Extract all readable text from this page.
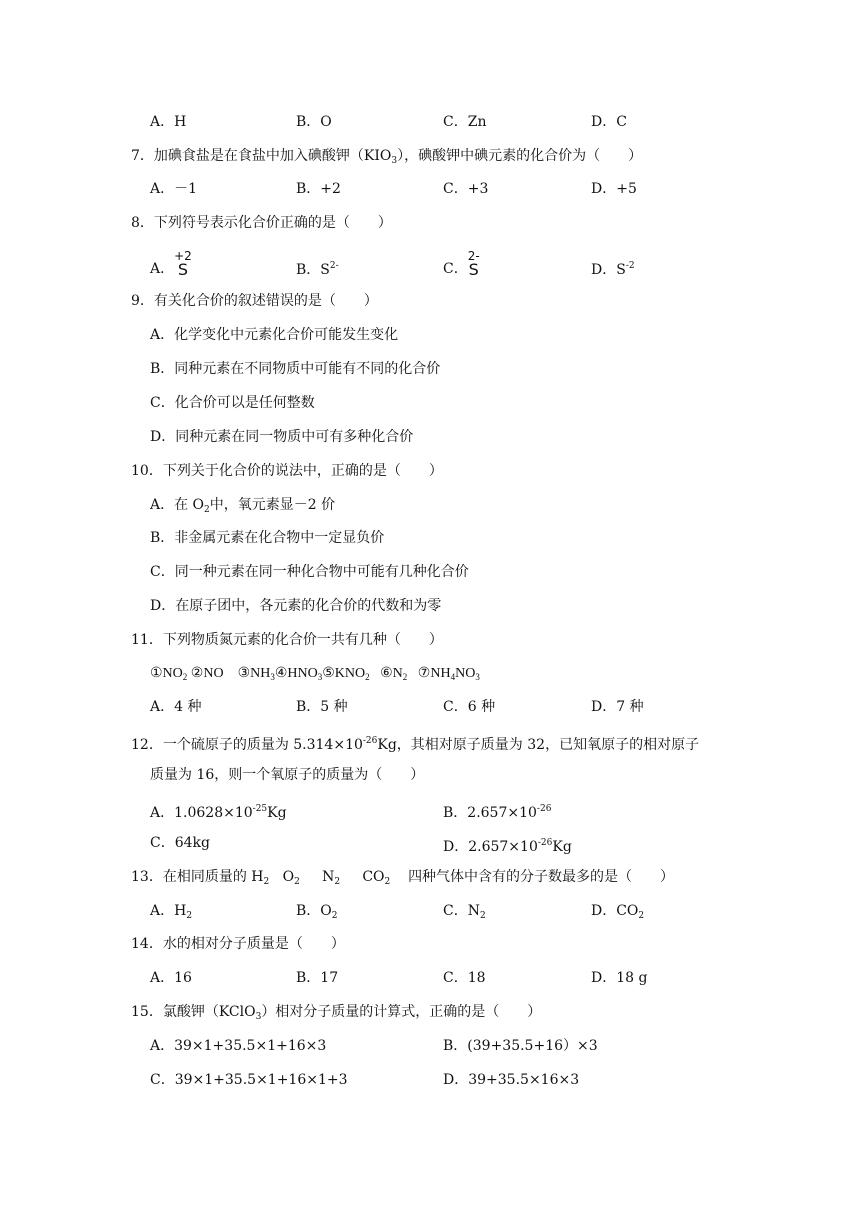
A．H	B．O	C．Zn	D．C
7．加碘食盐是在食盐中加入碘酸钾$(KIO_3)$，碘酸钾中碘元素的化合价为（　　）
A．－1	B．+2	C．+3	D．+5
8．下列符号表示化合价正确的是（　　）
A．
+2
S	B．$S^{2-}$	C．
2-
S	D．$S^{-2}$
9．有关化合价的叙述错误的是（　　）
A．化学变化中元素化合价可能发生变化
B．同种元素在不同物质中可能有不同的化合价
C．化合价可以是任何整数
D．同种元素在同一物质中可有多种化合价
10．下列关于化合价的说法中，正确的是（　　）
A．在 $O_2$中，氧元素显－2 价
B．非金属元素在化合物中一定显负价
C．同一种元素在同一种化合物中可能有几种化合价
D．在原子团中，各元素的化合价的代数和为零
11．下列物质氮元素的化合价一共有几种（　　）
$①NO_2$ ②NO $③NH_3④HNO_3⑤KNO_2$ $⑥N_2$ $⑦NH_4NO_3$
A．4 种	B．5 种	C．6 种	D．7 种
12．一个硫原子的质量为 $5.314\times 10^{-26}Kg$，其相对原子质量为 32，已知氧原子的相对原子
质量为 16，则一个氧原子的质量为（　　）
A．$1.0628\times 10^{-25}Kg$	B．$2.657\times 10^{-26}$
C．64kg	D．$2.657\times 10^{-26}Kg$
13．在相同质量的 $H_2$ $O_2$ $N_2$ $CO_2$ 四种气体中含有的分子数最多的是（　　）
A．$H_2$	B．$O_2$	C．$N_2$	D．$CO_2$
14．水的相对分子质量是（　　）
A．16	B．17	C．18	D．18 g
15．氯酸钾（KClO$_3$）相对分子质量的计算式，正确的是（　　）
A．39×1+35.5×1+16×3	B．(39+35.5+16）×3
C．39×1+35.5×1+16×1+3	D．39+35.5×16×3
